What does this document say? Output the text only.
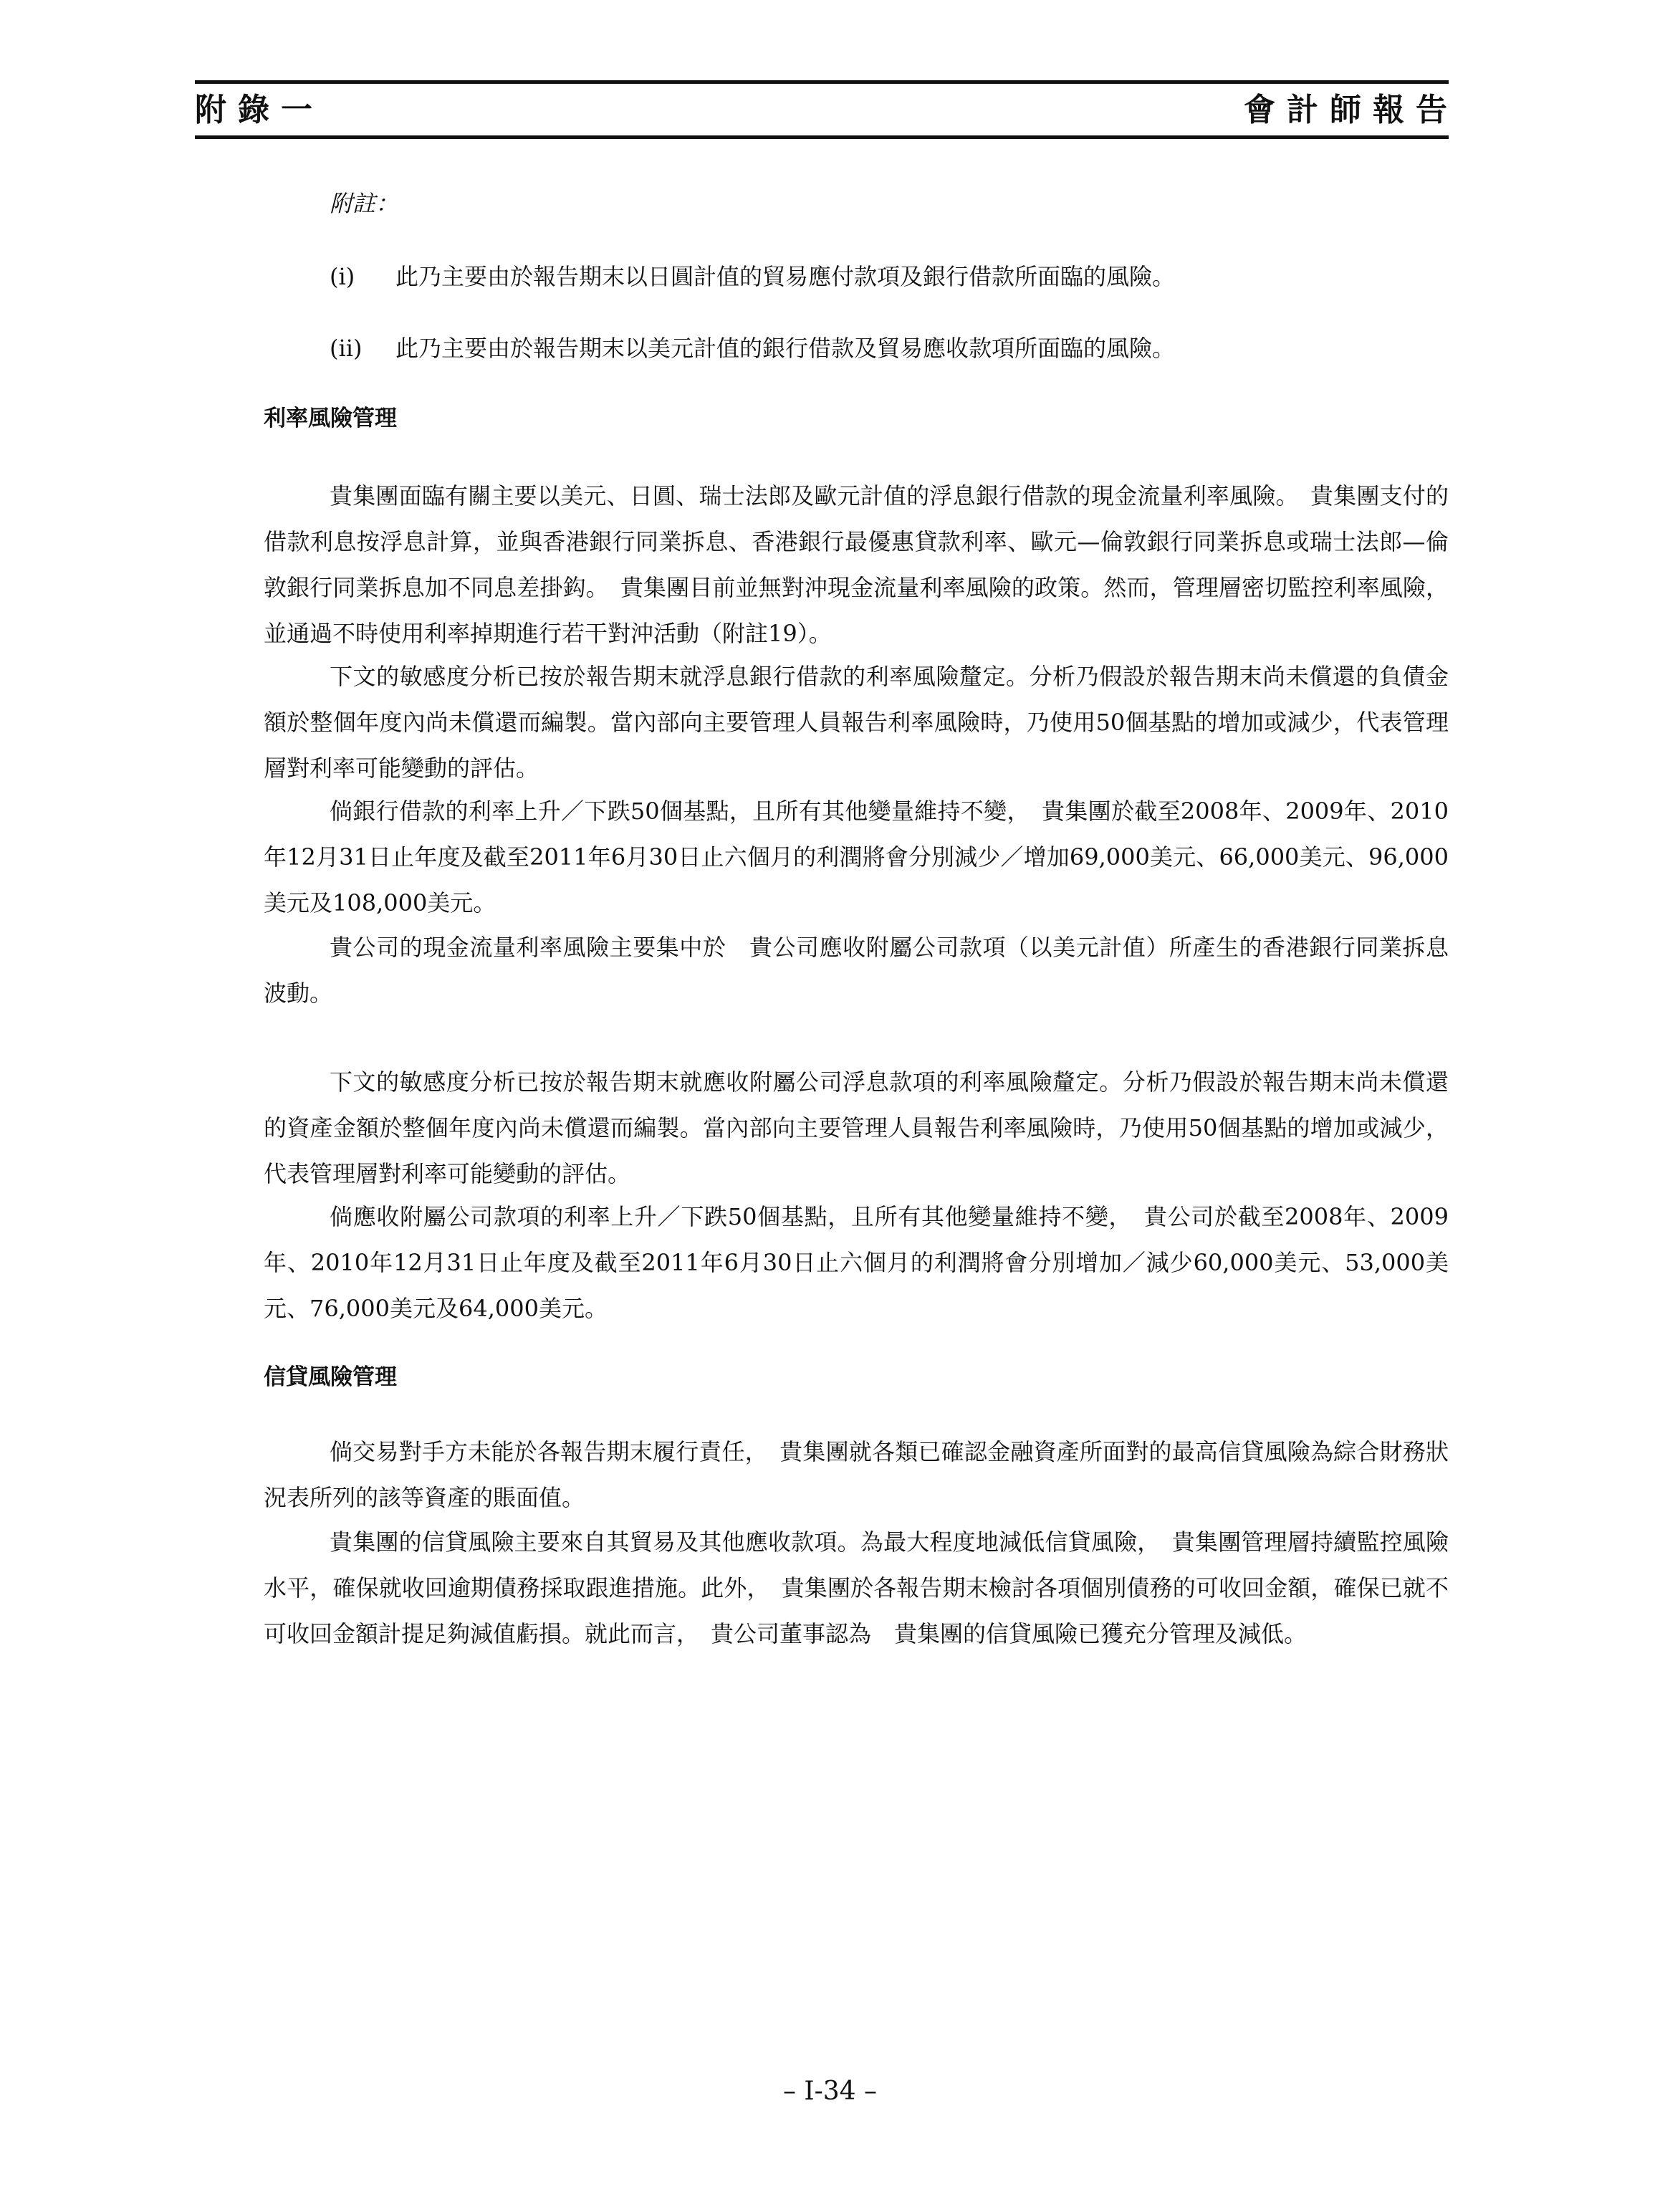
附錄一	會計師報告
附註：
(i) 此乃主要由於報告期末以日圓計值的貿易應付款項及銀行借款所面臨的風險。
(ii) 此乃主要由於報告期末以美元計值的銀行借款及貿易應收款項所面臨的風險。
利率風險管理
貴集團面臨有關主要以美元、日圓、瑞士法郎及歐元計值的浮息銀行借款的現金流量利率風險。　貴集團支付的借款利息按浮息計算，並與香港銀行同業拆息、香港銀行最優惠貸款利率、歐元—倫敦銀行同業拆息或瑞士法郎—倫敦銀行同業拆息加不同息差掛鈎。　貴集團目前並無對沖現金流量利率風險的政策。然而，管理層密切監控利率風險，並通過不時使用利率掉期進行若干對沖活動（附註19）。
下文的敏感度分析已按於報告期末就浮息銀行借款的利率風險釐定。分析乃假設於報告期末尚未償還的負債金額於整個年度內尚未償還而編製。當內部向主要管理人員報告利率風險時，乃使用50個基點的增加或減少，代表管理層對利率可能變動的評估。
倘銀行借款的利率上升／下跌50個基點，且所有其他變量維持不變，　貴集團於截至2008年、2009年、2010年12月31日止年度及截至2011年6月30日止六個月的利潤將會分別減少／增加69,000美元、66,000美元、96,000美元及108,000美元。
貴公司的現金流量利率風險主要集中於　貴公司應收附屬公司款項（以美元計值）所產生的香港銀行同業拆息波動。
下文的敏感度分析已按於報告期末就應收附屬公司浮息款項的利率風險釐定。分析乃假設於報告期末尚未償還的資產金額於整個年度內尚未償還而編製。當內部向主要管理人員報告利率風險時，乃使用50個基點的增加或減少，代表管理層對利率可能變動的評估。
倘應收附屬公司款項的利率上升／下跌50個基點，且所有其他變量維持不變，　貴公司於截至2008年、2009年、2010年12月31日止年度及截至2011年6月30日止六個月的利潤將會分別增加／減少60,000美元、53,000美元、76,000美元及64,000美元。
信貸風險管理
倘交易對手方未能於各報告期末履行責任，　貴集團就各類已確認金融資產所面對的最高信貸風險為綜合財務狀況表所列的該等資產的賬面值。
貴集團的信貸風險主要來自其貿易及其他應收款項。為最大程度地減低信貸風險，　貴集團管理層持續監控風險水平，確保就收回逾期債務採取跟進措施。此外，　貴集團於各報告期末檢討各項個別債務的可收回金額，確保已就不可收回金額計提足夠減值虧損。就此而言，　貴公司董事認為　貴集團的信貸風險已獲充分管理及減低。
– I-34 –
